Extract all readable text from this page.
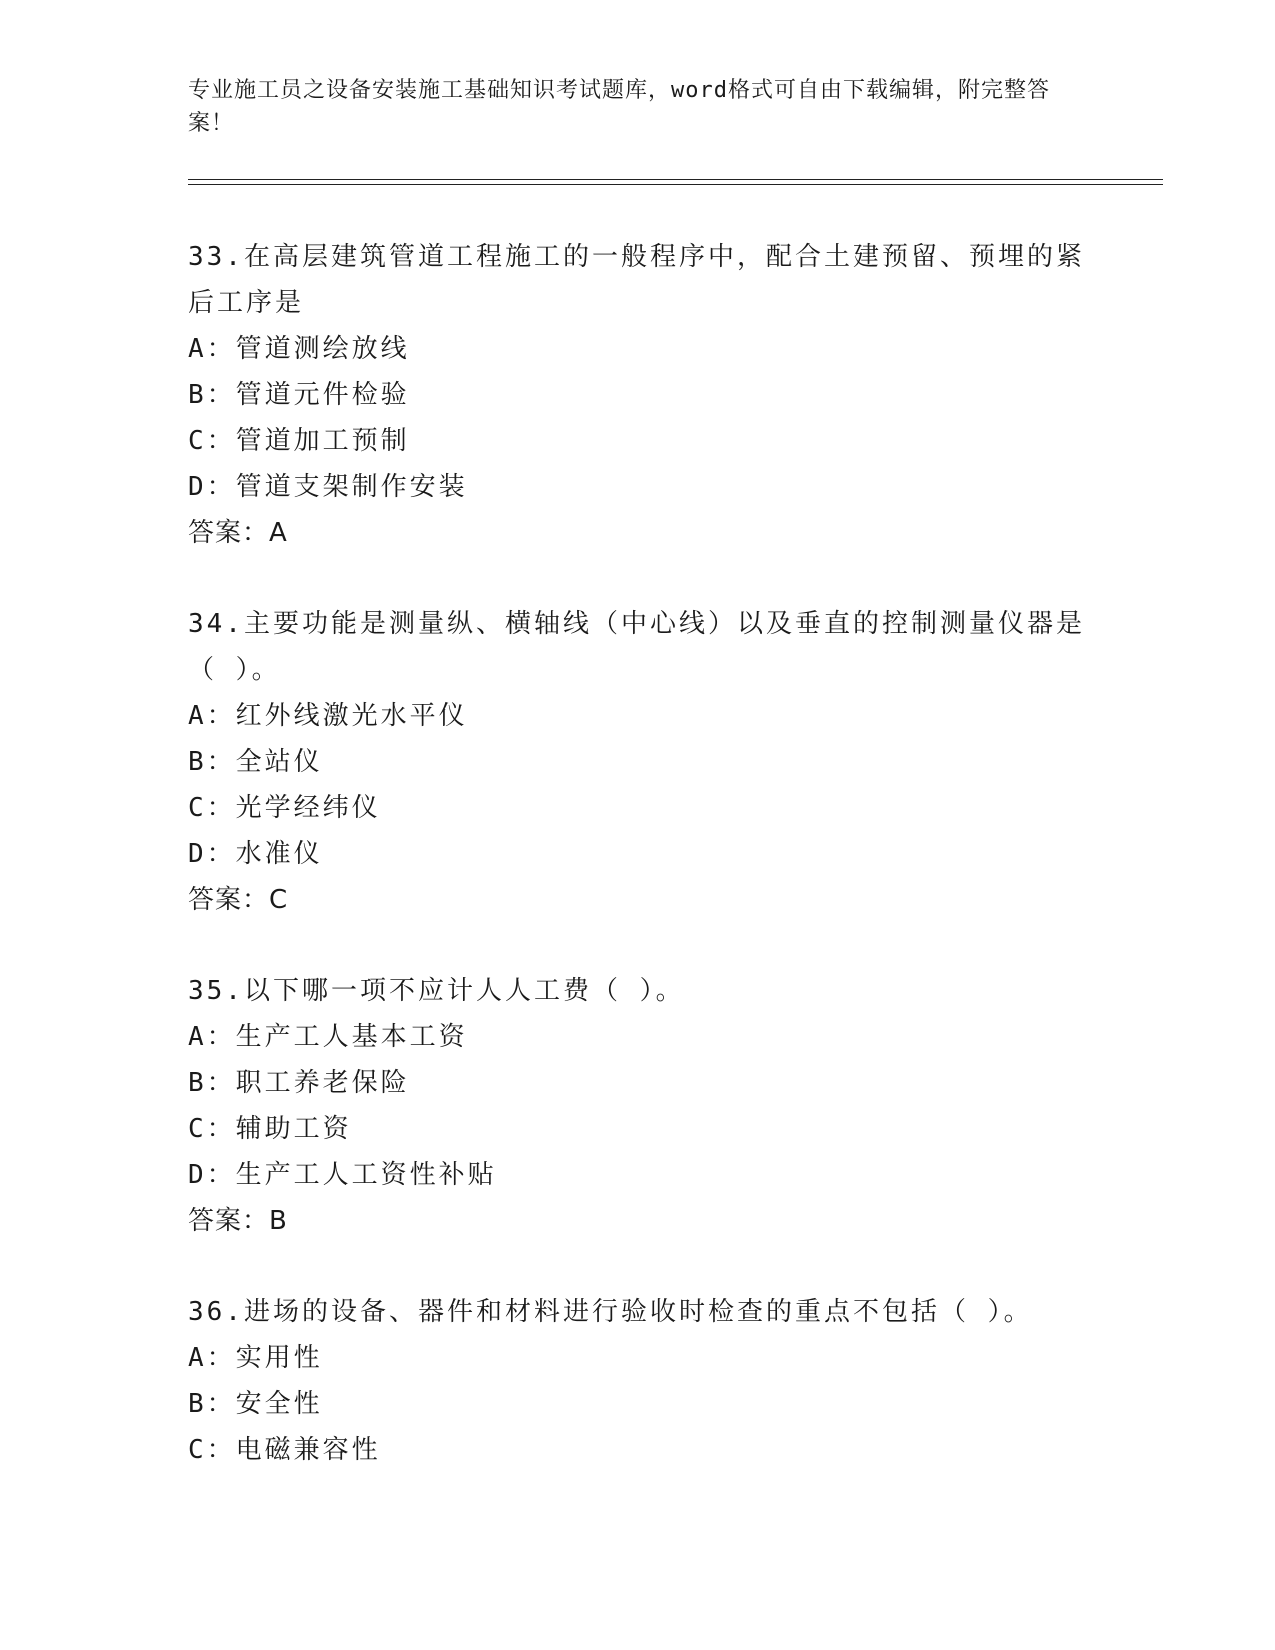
专业施工员之设备安装施工基础知识考试题库，word格式可自由下载编辑，附完整答案！
33.在高层建筑管道工程施工的一般程序中，配合土建预留、预埋的紧后工序是
A：管道测绘放线
B：管道元件检验
C：管道加工预制
D：管道支架制作安装
答案：A
34.主要功能是测量纵、横轴线（中心线）以及垂直的控制测量仪器是（ ）。
A：红外线激光水平仪
B：全站仪
C：光学经纬仪
D：水准仪
答案：C
35.以下哪一项不应计人人工费（ ）。
A：生产工人基本工资
B：职工养老保险
C：辅助工资
D：生产工人工资性补贴
答案：B
36.进场的设备、器件和材料进行验收时检查的重点不包括（ ）。
A：实用性
B：安全性
C：电磁兼容性
